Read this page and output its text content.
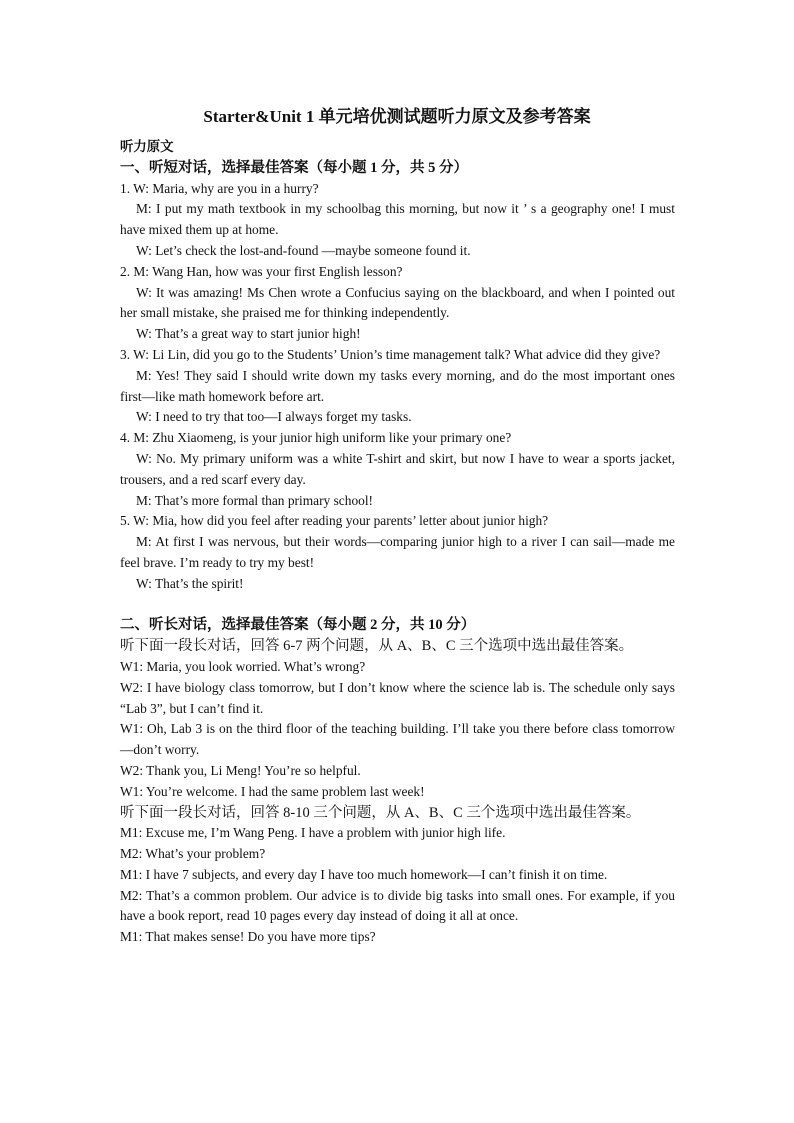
Starter&Unit 1 单元培优测试题听力原文及参考答案

听力原文

一、听短对话，选择最佳答案（每小题 1 分，共 5 分）

1. W: Maria, why are you in a hurry?

M: I put my math textbook in my schoolbag this morning, but now it ’ s a geography one! I must have mixed them up at home.

W: Let’s check the lost-and-found —maybe someone found it.

2. M: Wang Han, how was your first English lesson?

W: It was amazing! Ms Chen wrote a Confucius saying on the blackboard, and when I pointed out her small mistake, she praised me for thinking independently.

W: That’s a great way to start junior high!

3. W: Li Lin, did you go to the Students’ Union’s time management talk? What advice did they give?

M: Yes! They said I should write down my tasks every morning, and do the most important ones first—like math homework before art.

W: I need to try that too—I always forget my tasks.

4. M: Zhu Xiaomeng, is your junior high uniform like your primary one?

W: No. My primary uniform was a white T-shirt and skirt, but now I have to wear a sports jacket, trousers, and a red scarf every day.

M: That’s more formal than primary school!

5. W: Mia, how did you feel after reading your parents’ letter about junior high?

M: At first I was nervous, but their words—comparing junior high to a river I can sail—made me feel brave. I’m ready to try my best!

W: That’s the spirit!

二、听长对话，选择最佳答案（每小题 2 分，共 10 分）

听下面一段长对话，回答 6-7 两个问题，从 A、B、C 三个选项中选出最佳答案。

W1: Maria, you look worried. What’s wrong?

W2: I have biology class tomorrow, but I don’t know where the science lab is. The schedule only says “Lab 3”, but I can’t find it.

W1: Oh, Lab 3 is on the third floor of the teaching building. I’ll take you there before class tomorrow—don’t worry.

W2: Thank you, Li Meng! You’re so helpful.

W1: You’re welcome. I had the same problem last week!

听下面一段长对话，回答 8-10 三个问题，从 A、B、C 三个选项中选出最佳答案。

M1: Excuse me, I’m Wang Peng. I have a problem with junior high life.

M2: What’s your problem?

M1: I have 7 subjects, and every day I have too much homework—I can’t finish it on time.

M2: That’s a common problem. Our advice is to divide big tasks into small ones. For example, if you have a book report, read 10 pages every day instead of doing it all at once.

M1: That makes sense! Do you have more tips?
